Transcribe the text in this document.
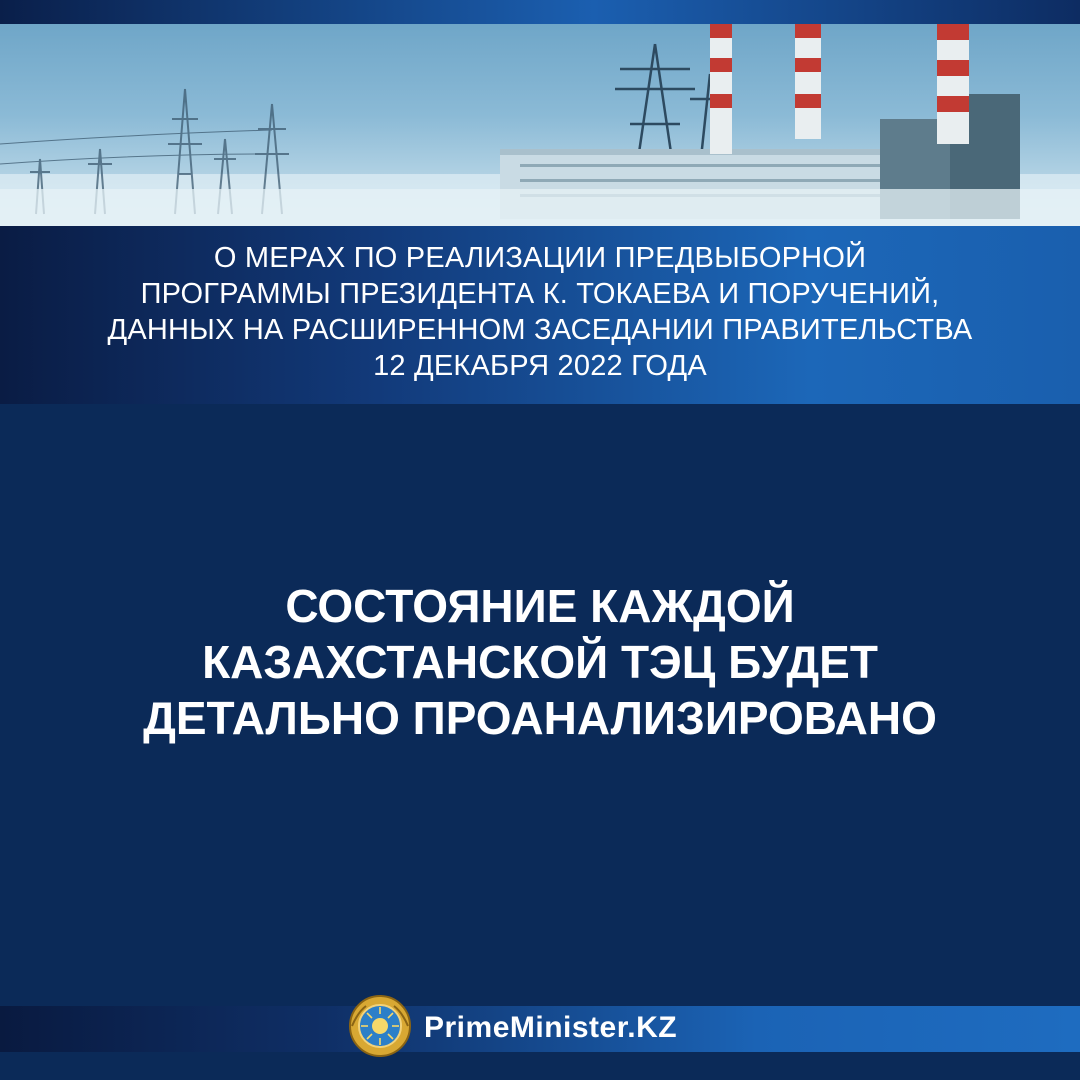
О МЕРАХ ПО РЕАЛИЗАЦИИ ПРЕДВЫБОРНОЙ
ПРОГРАММЫ ПРЕЗИДЕНТА К. ТОКАЕВА И ПОРУЧЕНИЙ,
ДАННЫХ НА РАСШИРЕННОМ ЗАСЕДАНИИ ПРАВИТЕЛЬСТВА
12 ДЕКАБРЯ 2022 ГОДА
СОСТОЯНИЕ КАЖДОЙ
КАЗАХСТАНСКОЙ ТЭЦ БУДЕТ
ДЕТАЛЬНО ПРОАНАЛИЗИРОВАНО
PrimeMinister.KZ
